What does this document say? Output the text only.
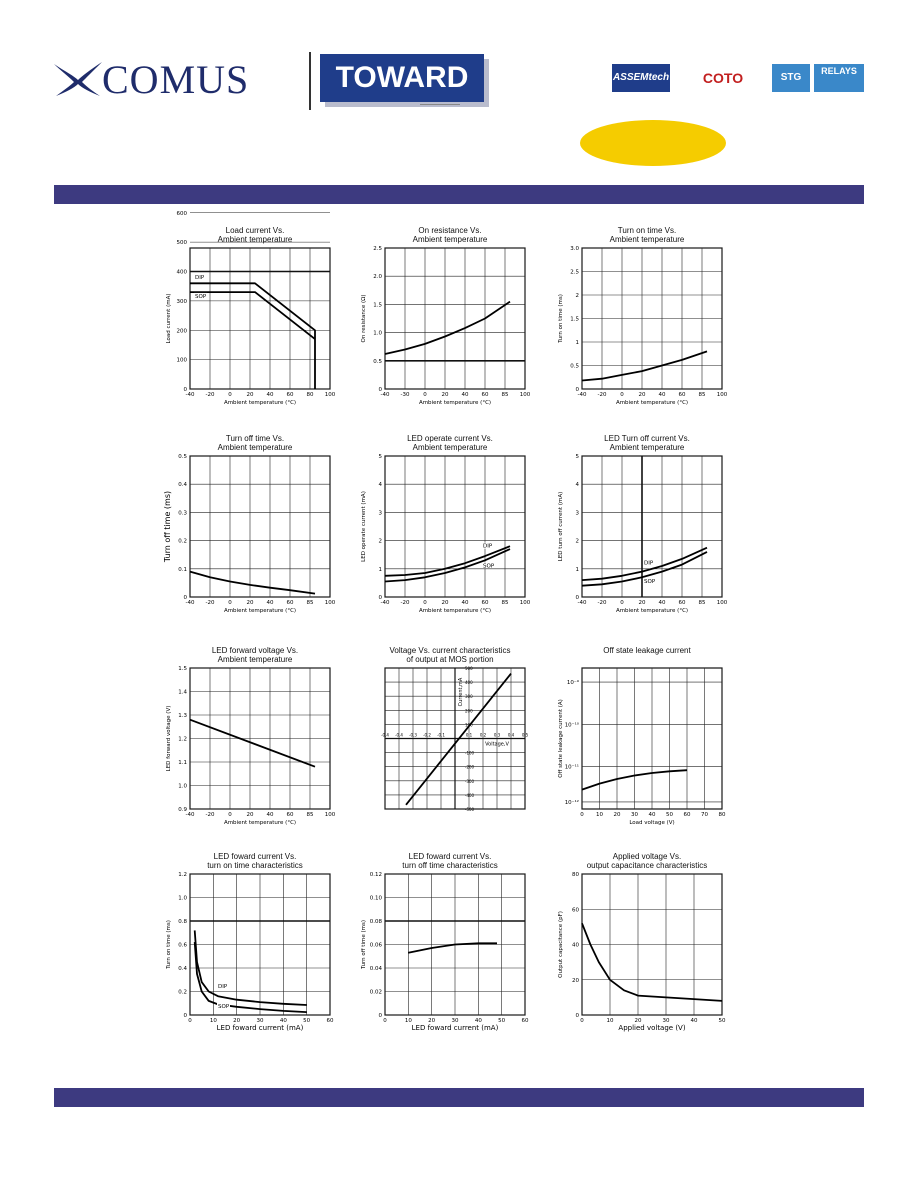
COMUS	TOWARD	ASSEMtech	COTO	STG
RELAYS
Load current Vs.
Ambient temperature
-40 -20	0	20 40 60 80 100
0
100
200
300
400
500
600
Ambient temperature (°C)
Load current (mA)
DIP
SOP
On resistance Vs.
Ambient temperature
-40 -30	0	20 40 60 85 100
0
0.5
1.0
1.5
2.0
2.5
Ambient temperature (°C)
On resistance (Ω)
Turn on time Vs.
Ambient temperature
-40 -20	0	20 40 60 85 100
0
0.5
1
1.5
2
2.5
3.0
Ambient temperature (°C)
Turn on time (ms)
Turn off time Vs.
Ambient temperature
-40 -20	0	20 40 60 85 100
0
0.1
0.2
0.3
0.4
0.5
Ambient temperature (°C)
Turn off time (ms)
LED operate current Vs.
Ambient temperature
-40 -20	0	20 40 60 85 100
0
1
2
3
4
5
Ambient temperature (°C)
LED operate current (mA)	DIP
SOP
LED Turn off current Vs.
Ambient temperature
-40 -20	0	20 40 60 85 100
0
1
2
3
4
5
Ambient temperature (°C)
LED turn off current (mA)
DIP
SOP
LED forward voltage Vs.
Ambient temperature
-40 -20	0	20 40 60 85 100
0.9
1.0
1.1
1.2
1.3
1.4
1.5
Ambient temperature (°C)
LED forward voltage (V)
Voltage Vs. current characteristics
of output at MOS portion
-0.4 -0.4 -0.3 -0.2 -0.1	0.1 0.2 0.3 0.4 0.5
-500
-400
-300
-200
-100
100
200
300
400
500
Voltage,V
Current,mA
Off state leakage current
0 10 20 30 40 50 60 70 80
10⁻¹²
10⁻¹¹
10⁻¹⁰
10⁻⁹
Load voltage (V)
Off state leakage current (A)
LED foward current Vs.
turn on time characteristics
0	10	20	30	40	50	60
0
0.2
0.4
0.6
0.8
1.0
1.2
LED foward current (mA)
Turn on time (ms)
DIP
SOP
LED foward current Vs.
turn off time characteristics
0	10	20	30	40	50	60
0
0.02
0.04
0.06
0.08
0.10
0.12
LED foward current (mA)
Turn off time (ms)
Applied voltage Vs.
output capacitance characteristics
0	10	20	30	40	50
0
20
40
60
80
Applied voltage (V)
Output capacitance (pF)
